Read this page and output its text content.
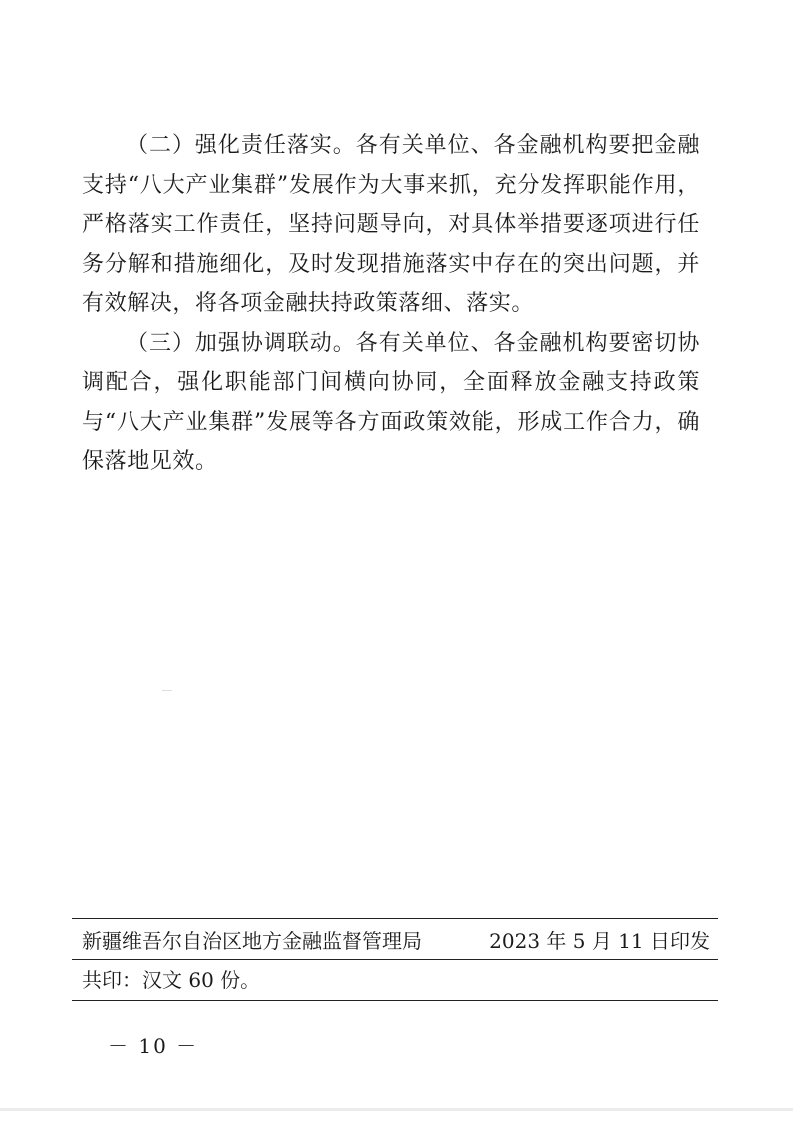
（二）强化责任落实。各有关单位、各金融机构要把金融支持“八大产业集群”发展作为大事来抓，充分发挥职能作用，严格落实工作责任，坚持问题导向，对具体举措要逐项进行任务分解和措施细化，及时发现措施落实中存在的突出问题，并有效解决，将各项金融扶持政策落细、落实。

（三）加强协调联动。各有关单位、各金融机构要密切协调配合，强化职能部门间横向协同，全面释放金融支持政策与“八大产业集群”发展等各方面政策效能，形成工作合力，确保落地见效。

新疆维吾尔自治区地方金融监督管理局	2023 年 5 月 11 日印发
共印：汉文 60 份。
－ 10 －
